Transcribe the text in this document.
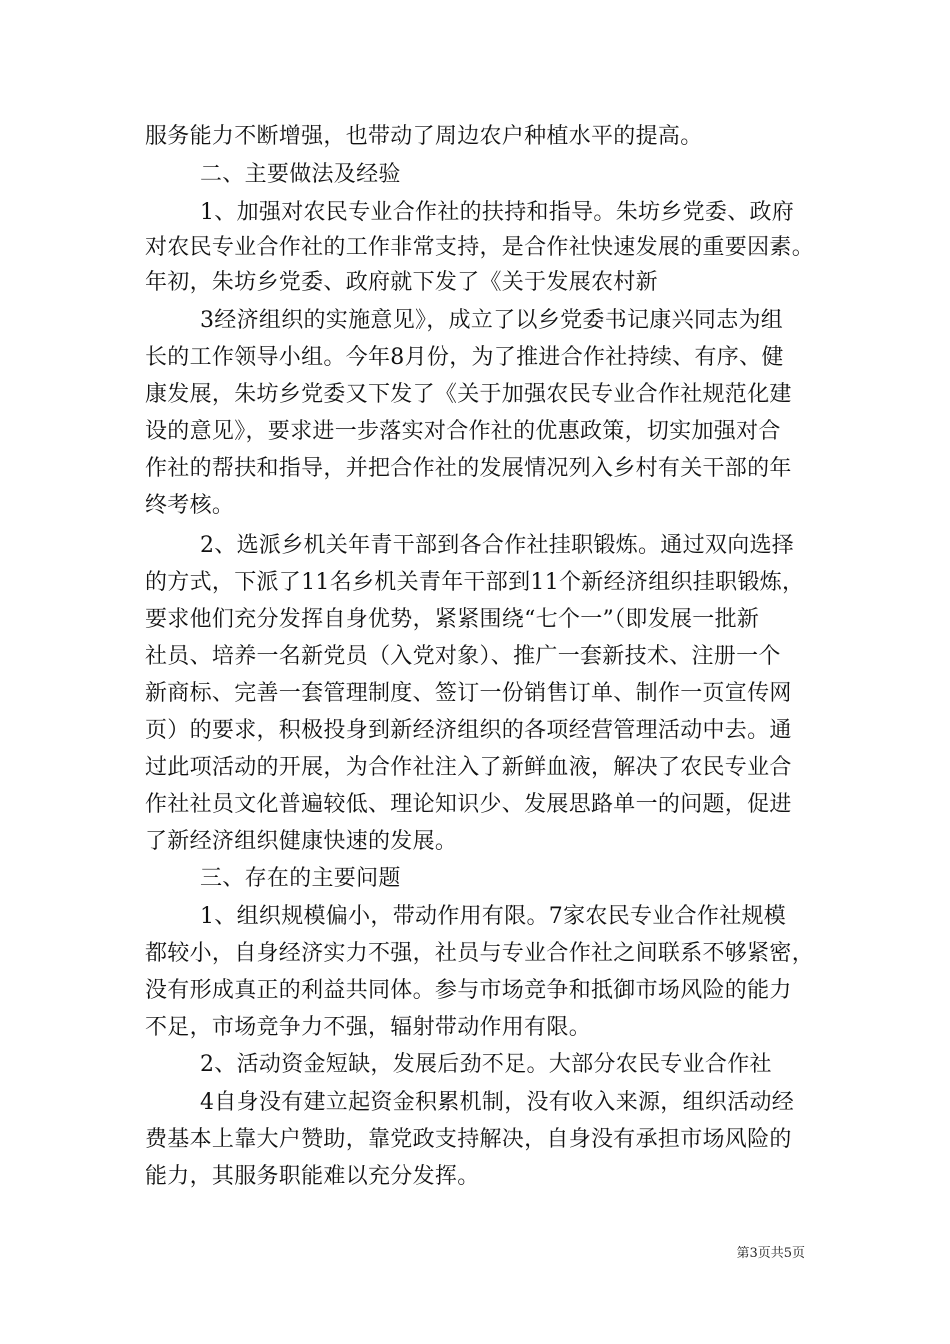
服务能力不断增强，也带动了周边农户种植水平的提高。
二、主要做法及经验
1、加强对农民专业合作社的扶持和指导。朱坊乡党委、政府
对农民专业合作社的工作非常支持，是合作社快速发展的重要因素。
年初，朱坊乡党委、政府就下发了《关于发展农村新
3经济组织的实施意见》，成立了以乡党委书记康兴同志为组
长的工作领导小组。今年8月份，为了推进合作社持续、有序、健
康发展，朱坊乡党委又下发了《关于加强农民专业合作社规范化建
设的意见》，要求进一步落实对合作社的优惠政策，切实加强对合
作社的帮扶和指导，并把合作社的发展情况列入乡村有关干部的年
终考核。
2、选派乡机关年青干部到各合作社挂职锻炼。通过双向选择
的方式，下派了11名乡机关青年干部到11个新经济组织挂职锻炼，
要求他们充分发挥自身优势，紧紧围绕“七个一”（即发展一批新
社员、培养一名新党员（入党对象）、推广一套新技术、注册一个
新商标、完善一套管理制度、签订一份销售订单、制作一页宣传网
页）的要求，积极投身到新经济组织的各项经营管理活动中去。通
过此项活动的开展，为合作社注入了新鲜血液，解决了农民专业合
作社社员文化普遍较低、理论知识少、发展思路单一的问题，促进
了新经济组织健康快速的发展。
三、存在的主要问题
1、组织规模偏小，带动作用有限。7家农民专业合作社规模
都较小，自身经济实力不强，社员与专业合作社之间联系不够紧密，
没有形成真正的利益共同体。参与市场竞争和抵御市场风险的能力
不足，市场竞争力不强，辐射带动作用有限。
2、活动资金短缺，发展后劲不足。大部分农民专业合作社
4自身没有建立起资金积累机制，没有收入来源，组织活动经
费基本上靠大户赞助，靠党政支持解决，自身没有承担市场风险的
能力，其服务职能难以充分发挥。
第3页共5页
